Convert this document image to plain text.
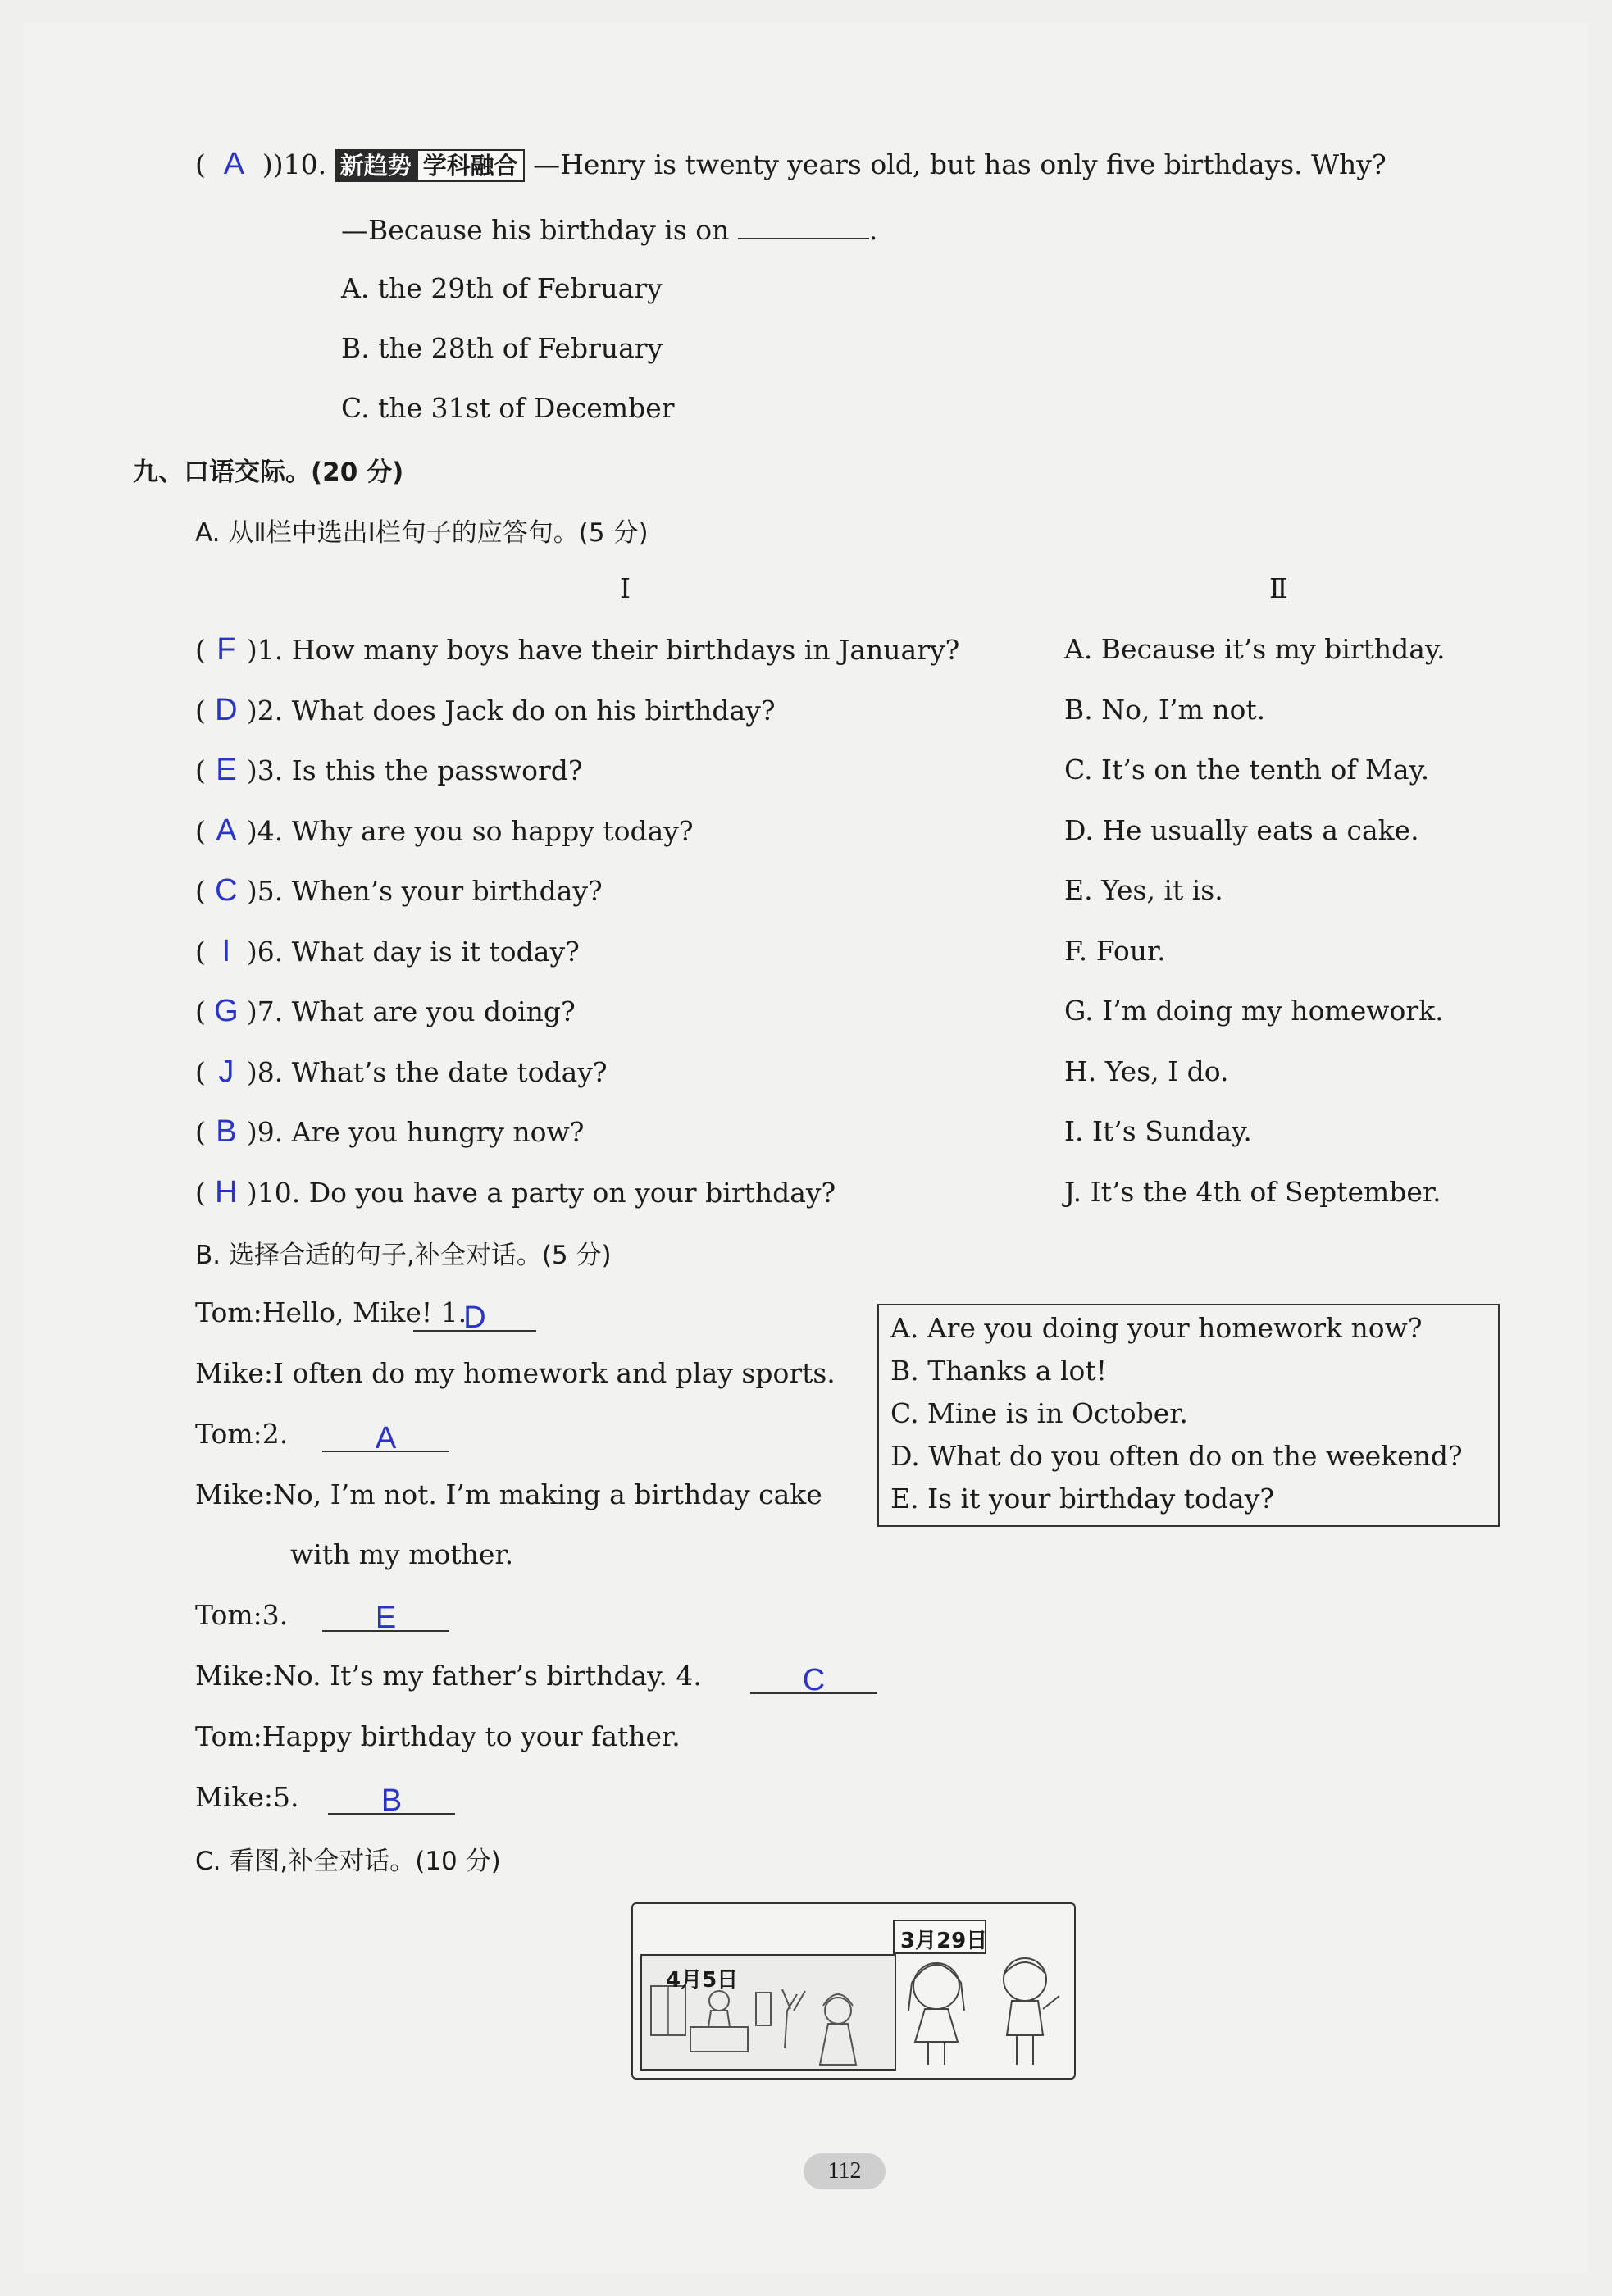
( A ))10. 新趋势 学科融合 —Henry is twenty years old, but has only five birthdays. Why?
—Because his birthday is on	.
A. the 29th of February
B. the 28th of February
C. the 31st of December
九、口语交际。(20 分)
A. 从Ⅱ栏中选出Ⅰ栏句子的应答句。(5 分)
Ⅰ	Ⅱ
( F )1. How many boys have their birthdays in January?	A. Because it’s my birthday.
( D )2. What does Jack do on his birthday?	B. No, I’m not.
( E )3. Is this the password?	C. It’s on the tenth of May.
( A )4. Why are you so happy today?	D. He usually eats a cake.
( C )5. When’s your birthday?	E. Yes, it is.
( I )6. What day is it today?	F. Four.
( G )7. What are you doing?	G. I’m doing my homework.
( J )8. What’s the date today?	H. Yes, I do.
( B )9. Are you hungry now?	I. It’s Sunday.
( H )10. Do you have a party on your birthday?	J. It’s the 4th of September.
B. 选择合适的句子,补全对话。(5 分)
Tom:Hello, Mike! 1.
D
Mike:I often do my homework and play sports.
Tom:2.	A
Mike:No, I’m not. I’m making a birthday cake
with my mother.
Tom:3.	E
Mike:No. It’s my father’s birthday. 4.	C
Tom:Happy birthday to your father.
Mike:5.	B
A. Are you doing your homework now?
B. Thanks a lot!
C. Mine is in October.
D. What do you often do on the weekend?
E. Is it your birthday today?
C. 看图,补全对话。(10 分)
4月5日
3月29日
112
